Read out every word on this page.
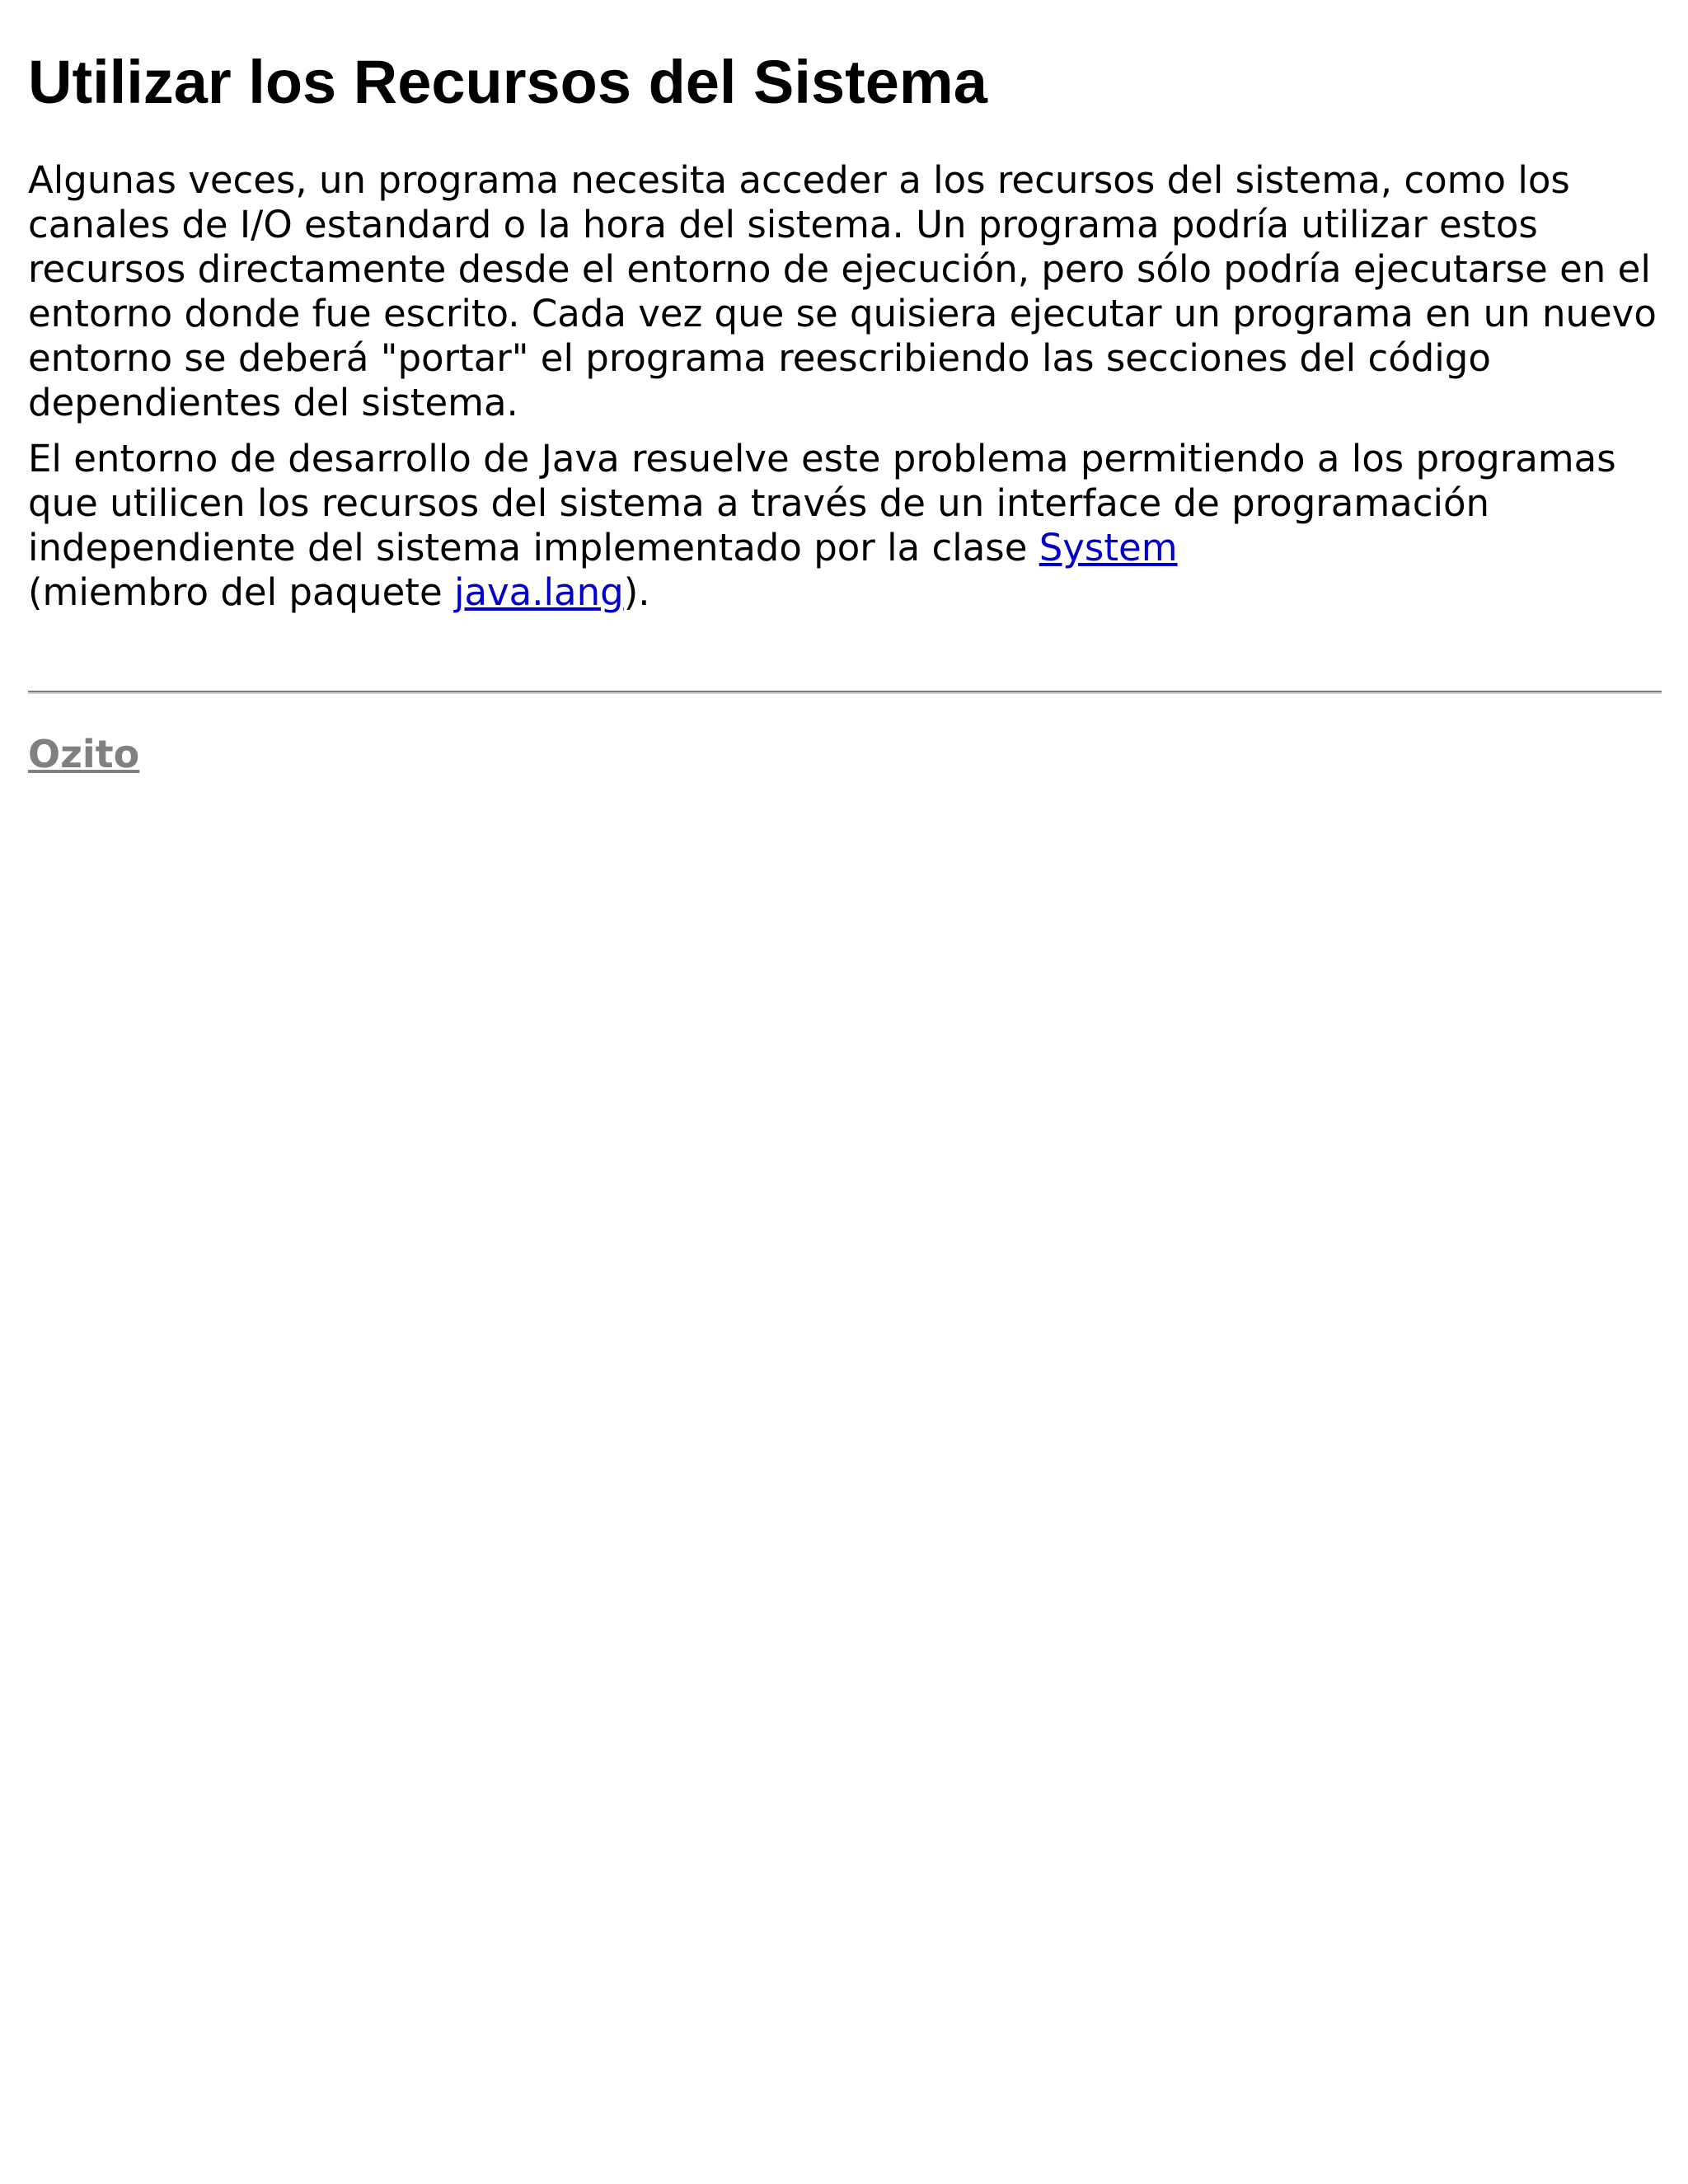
Utilizar los Recursos del Sistema

Algunas veces, un programa necesita acceder a los recursos del sistema, como los canales de I/O estandard o la hora del sistema. Un programa podría utilizar estos recursos directamente desde el entorno de ejecución, pero sólo podría ejecutarse en el entorno donde fue escrito. Cada vez que se quisiera ejecutar un programa en un nuevo entorno se deberá "portar" el programa reescribiendo las secciones del código dependientes del sistema.

El entorno de desarrollo de Java resuelve este problema permitiendo a los programas que utilicen los recursos del sistema a través de un interface de programación independiente del sistema implementado por la clase System
(miembro del paquete java.lang).

Ozito
